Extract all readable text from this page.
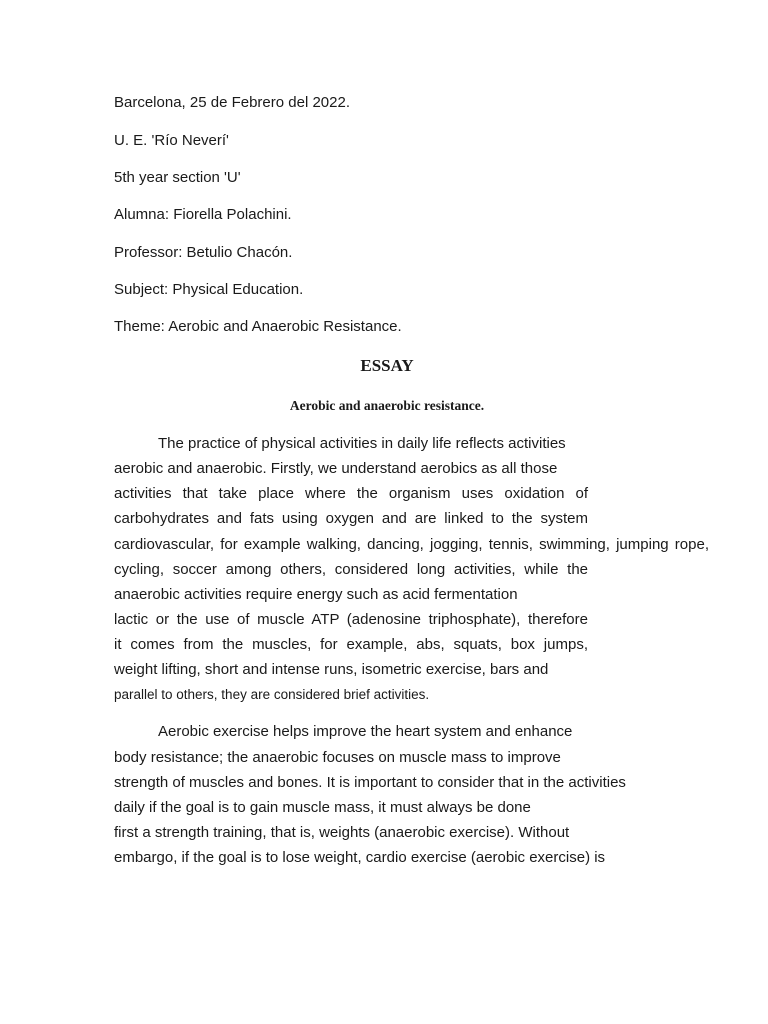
Barcelona, 25 de Febrero del 2022.
U. E. 'Río Neverí'
5th year section 'U'
Alumna: Fiorella Polachini.
Professor: Betulio Chacón.
Subject: Physical Education.
Theme: Aerobic and Anaerobic Resistance.
ESSAY
Aerobic and anaerobic resistance.
The practice of physical activities in daily life reflects activities
aerobic and anaerobic. Firstly, we understand aerobics as all those
activities that take place where the organism uses oxidation of
carbohydrates and fats using oxygen and are linked to the system
cardiovascular, for example walking, dancing, jogging, tennis, swimming, jumping rope,
cycling, soccer among others, considered long activities, while the
anaerobic activities require energy such as acid fermentation
lactic or the use of muscle ATP (adenosine triphosphate), therefore
it comes from the muscles, for example, abs, squats, box jumps,
weight lifting, short and intense runs, isometric exercise, bars and
parallel to others, they are considered brief activities.
Aerobic exercise helps improve the heart system and enhance
body resistance; the anaerobic focuses on muscle mass to improve
strength of muscles and bones. It is important to consider that in the activities
daily if the goal is to gain muscle mass, it must always be done
first a strength training, that is, weights (anaerobic exercise). Without
embargo, if the goal is to lose weight, cardio exercise (aerobic exercise) is
